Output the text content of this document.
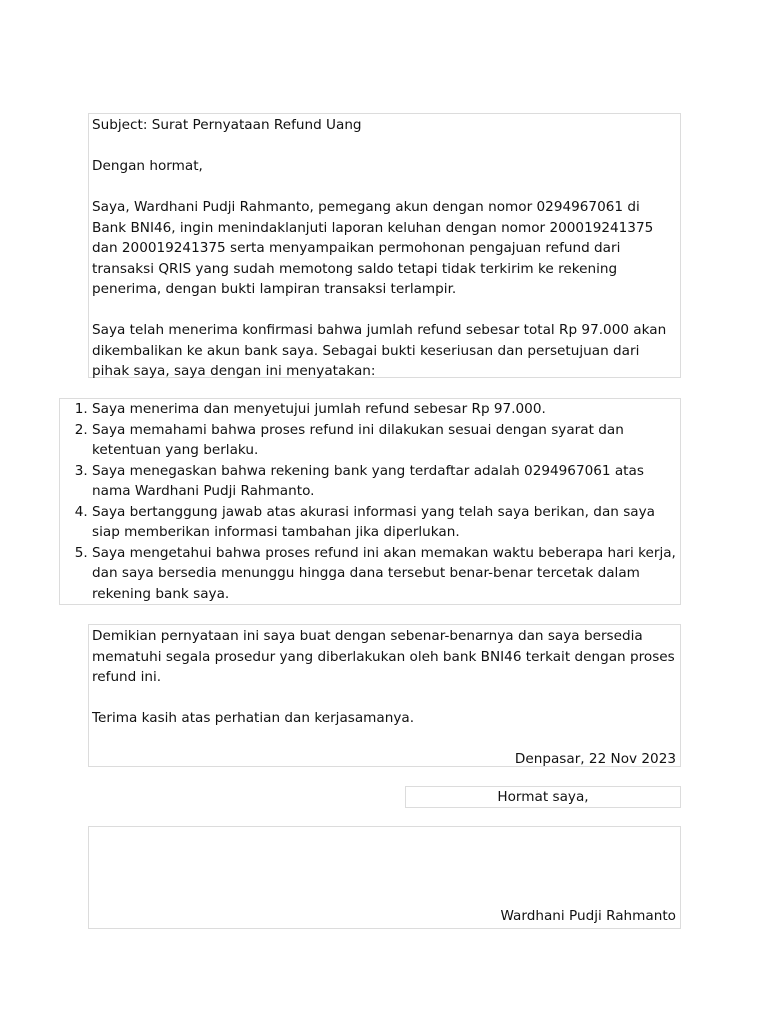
Subject: Surat Pernyataan Refund Uang

Dengan hormat,

Saya, Wardhani Pudji Rahmanto, pemegang akun dengan nomor 0294967061 di Bank BNI46, ingin menindaklanjuti laporan keluhan dengan nomor 200019241375 dan 200019241375 serta menyampaikan permohonan pengajuan refund dari transaksi QRIS yang sudah memotong saldo tetapi tidak terkirim ke rekening penerima, dengan bukti lampiran transaksi terlampir.

Saya telah menerima konfirmasi bahwa jumlah refund sebesar total Rp 97.000 akan dikembalikan ke akun bank saya. Sebagai bukti keseriusan dan persetujuan dari pihak saya, saya dengan ini menyatakan:

1. Saya menerima dan menyetujui jumlah refund sebesar Rp 97.000.
2. Saya memahami bahwa proses refund ini dilakukan sesuai dengan syarat dan ketentuan yang berlaku.
3. Saya menegaskan bahwa rekening bank yang terdaftar adalah 0294967061 atas nama Wardhani Pudji Rahmanto.
4. Saya bertanggung jawab atas akurasi informasi yang telah saya berikan, dan saya siap memberikan informasi tambahan jika diperlukan.
5. Saya mengetahui bahwa proses refund ini akan memakan waktu beberapa hari kerja, dan saya bersedia menunggu hingga dana tersebut benar-benar tercetak dalam rekening bank saya.

Demikian pernyataan ini saya buat dengan sebenar-benarnya dan saya bersedia mematuhi segala prosedur yang diberlakukan oleh bank BNI46 terkait dengan proses refund ini.

Terima kasih atas perhatian dan kerjasamanya.

Denpasar, 22 Nov 2023

Hormat saya,
Wardhani Pudji Rahmanto
